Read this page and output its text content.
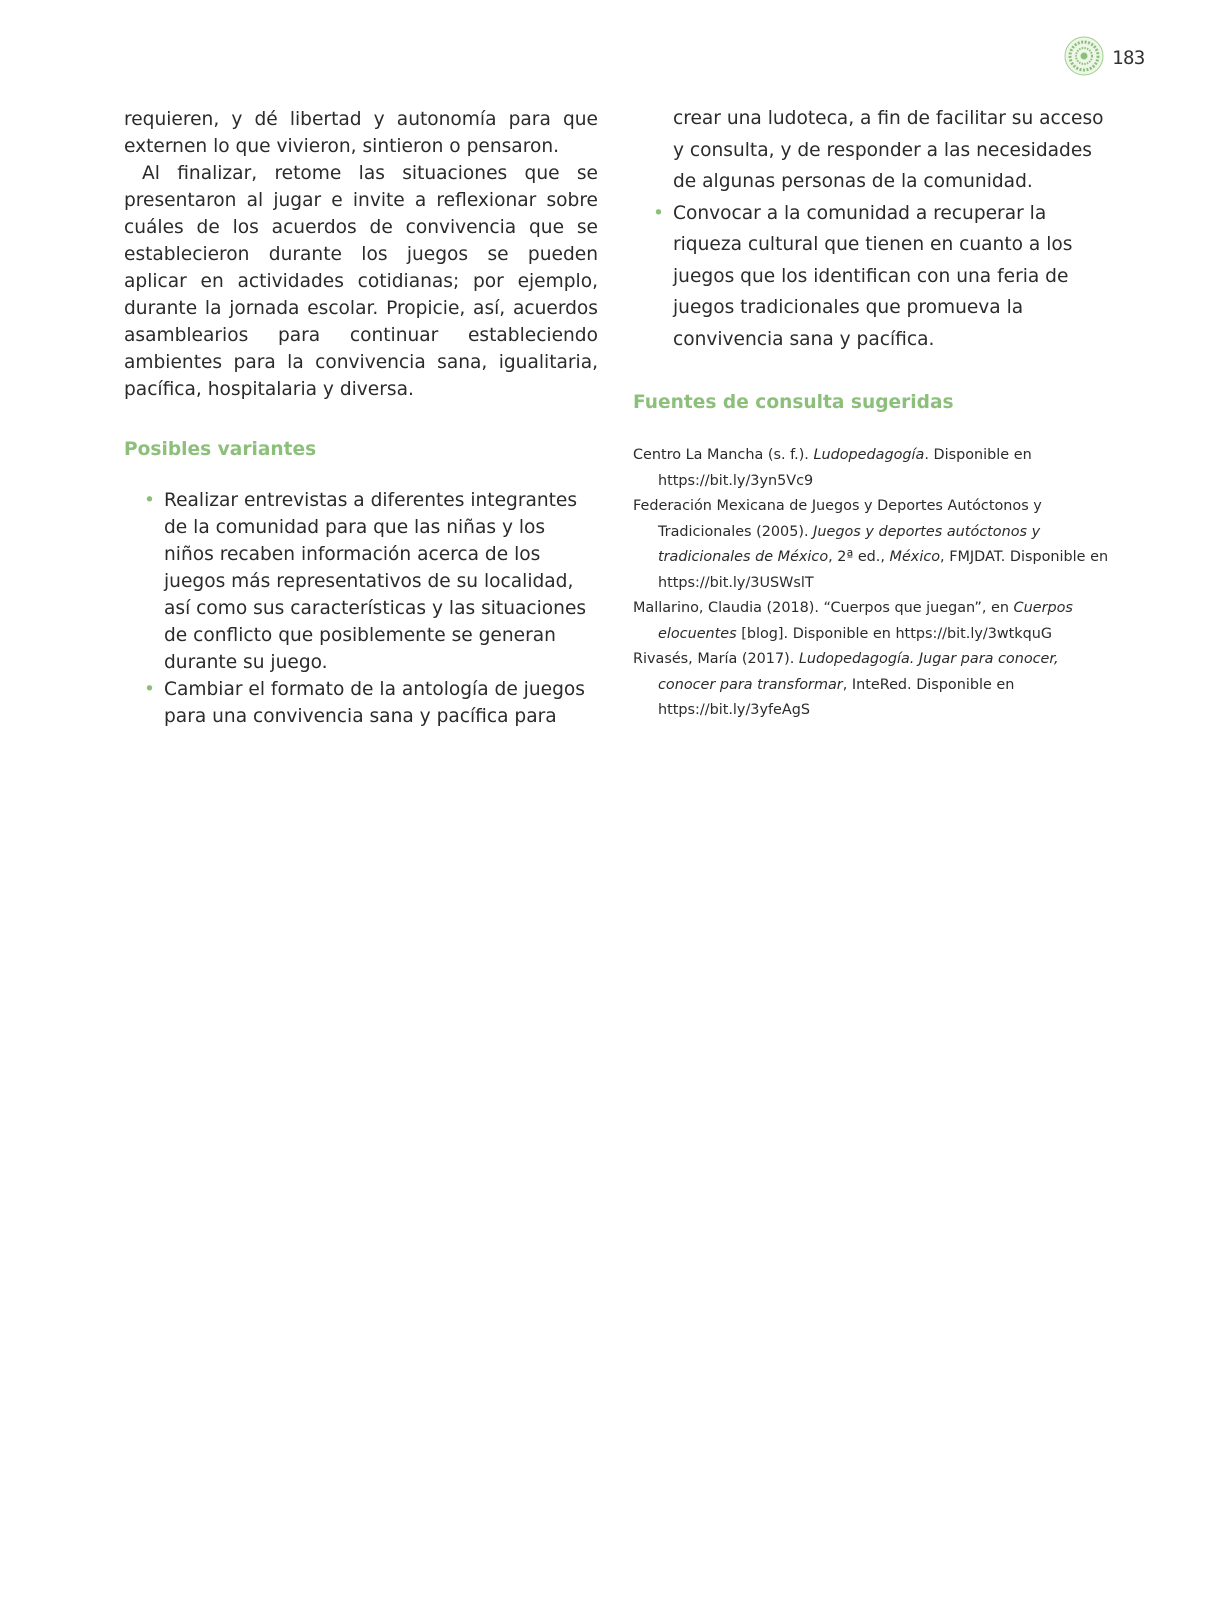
183

requieren, y dé libertad y autonomía para que externen lo que vivieron, sintieron o pensaron.

Al finalizar, retome las situaciones que se presentaron al jugar e invite a reflexionar sobre cuáles de los acuerdos de convivencia que se establecieron durante los juegos se pueden aplicar en actividades cotidianas; por ejemplo, durante la jornada escolar. Propicie, así, acuerdos asamblearios para continuar estableciendo ambientes para la convivencia sana, igualitaria, pacífica, hospitalaria y diversa.

Posibles variantes
• Realizar entrevistas a diferentes integrantes de la comunidad para que las niñas y los niños recaben información acerca de los juegos más representativos de su localidad, así como sus características y las situaciones de conflicto que posiblemente se generan durante su juego.
• Cambiar el formato de la antología de juegos para una convivencia sana y pacífica para
crear una ludoteca, a fin de facilitar su acceso y consulta, y de responder a las necesidades de algunas personas de la comunidad.
• Convocar a la comunidad a recuperar la riqueza cultural que tienen en cuanto a los juegos que los identifican con una feria de juegos tradicionales que promueva la convivencia sana y pacífica.
Fuentes de consulta sugeridas
Centro La Mancha (s. f.). Ludopedagogía. Disponible en https://bit.ly/3yn5Vc9
Federación Mexicana de Juegos y Deportes Autóctonos y Tradicionales (2005). Juegos y deportes autóctonos y tradicionales de México, 2ª ed., México, FMJDAT. Disponible en https://bit.ly/3USWslT
Mallarino, Claudia (2018). “Cuerpos que juegan”, en Cuerpos elocuentes [blog]. Disponible en https://bit.ly/3wtkquG
Rivasés, María (2017). Ludopedagogía. Jugar para conocer, conocer para transformar, InteRed. Disponible en https://bit.ly/3yfeAgS
